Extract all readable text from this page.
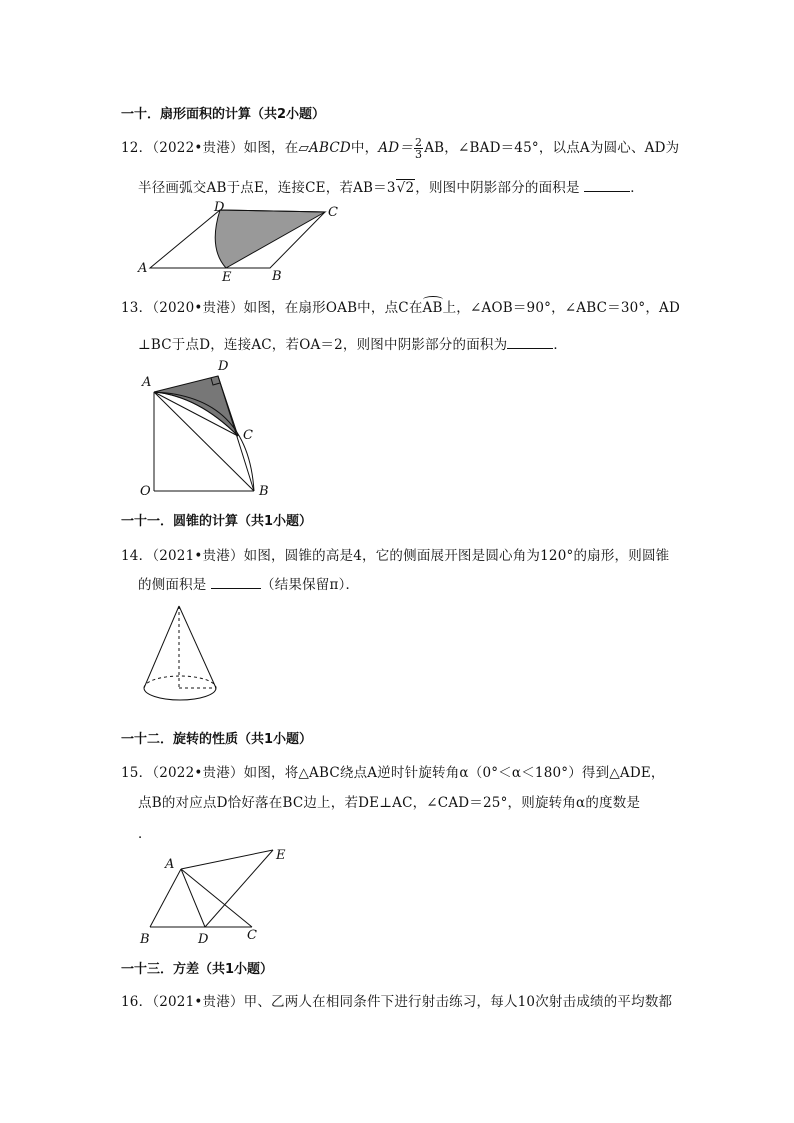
一十．扇形面积的计算（共2小题）
12．（2022•贵港）如图，在▱ABCD中，$AD= \frac{2}{3}$ AB，∠BAD＝45°，以点A为圆心、AD为
半径画弧交AB于点E，连接CE，若AB＝3√2，则图中阴影部分的面积是	．
A
D	C
E	B
13．（2020•贵港）如图，在扇形OAB中，点C在AB上，∠AOB＝90°，∠ABC＝30°，AD
⊥BC于点D，连接AC，若OA＝2，则图中阴影部分的面积为	．
A
D
C
O	B
一十一．圆锥的计算（共1小题）
14．（2021•贵港）如图，圆锥的高是4，它的侧面展开图是圆心角为120°的扇形，则圆锥
的侧面积是	（结果保留π）．
一十二．旋转的性质（共1小题）
15．（2022•贵港）如图，将△ABC绕点A逆时针旋转角α（0°＜α＜180°）得到△ADE，
点B的对应点D恰好落在BC边上，若DE⊥AC，∠CAD＝25°，则旋转角α的度数是
．
A
E
B	D	C
一十三．方差（共1小题）
16．（2021•贵港）甲、乙两人在相同条件下进行射击练习，每人10次射击成绩的平均数都
